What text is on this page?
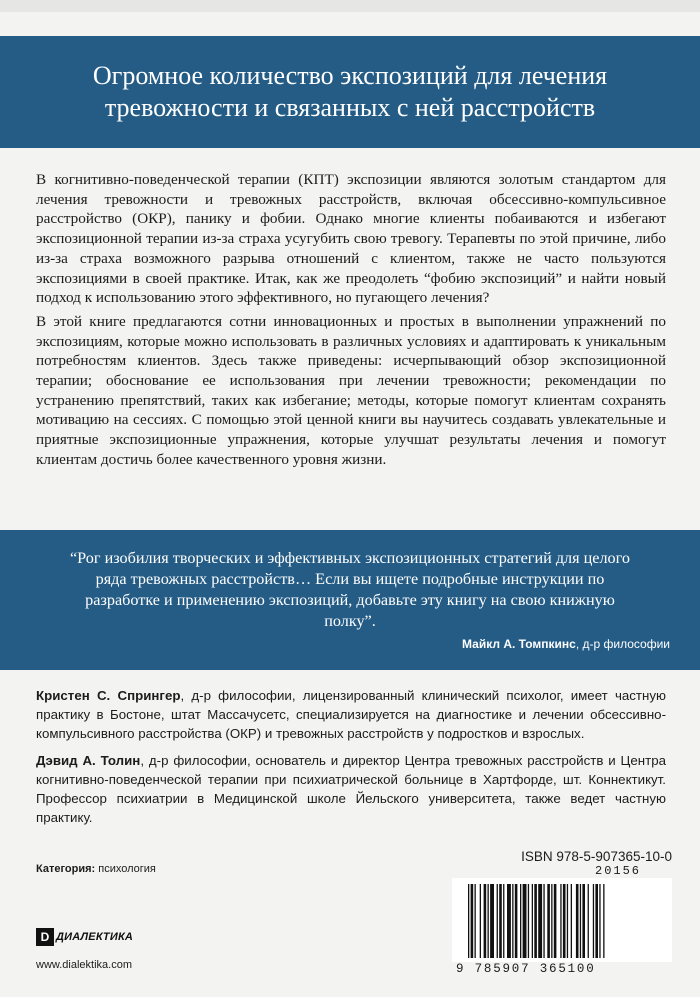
Огромное количество экспозиций для лечения
тревожности и связанных с ней расстройств

В когнитивно-поведенческой терапии (КПТ) экспозиции являются золотым стандартом для лечения тревожности и тревожных расстройств, включая обсессивно-компульсивное расстройство (ОКР), панику и фобии. Однако многие клиенты побаиваются и избегают экспозиционной терапии из-за страха усугубить свою тревогу. Терапевты по этой причине, либо из-за страха возможного разрыва отношений с клиентом, также не часто пользуются экспозициями в своей практике. Итак, как же преодолеть “фобию экспозиций” и найти новый подход к использованию этого эффективного, но пугающего лечения?

В этой книге предлагаются сотни инновационных и простых в выполнении упражнений по экспозициям, которые можно использовать в различных условиях и адаптировать к уникальным потребностям клиентов. Здесь также приведены: исчерпывающий обзор экспозиционной терапии; обоснование ее использования при лечении тревожности; рекомендации по устранению препятствий, таких как избегание; методы, которые помогут клиентам сохранять мотивацию на сессиях. С помощью этой ценной книги вы научитесь создавать увлекательные и приятные экспозиционные упражнения, которые улучшат результаты лечения и помогут клиентам достичь более качественного уровня жизни.

“Рог изобилия творческих и эффективных экспозиционных стратегий для целого ряда тревожных расстройств… Если вы ищете подробные инструкции по разработке и применению экспозиций, добавьте эту книгу на свою книжную полку”.
Майкл А. Томпкинс, д-р философии

Кристен С. Спрингер, д-р философии, лицензированный клинический психолог, имеет частную практику в Бостоне, штат Массачусетс, специализируется на диагностике и лечении обсессивно-компульсивного расстройства (ОКР) и тревожных расстройств у подростков и взрослых.

Дэвид А. Толин, д-р философии, основатель и директор Центра тревожных расстройств и Центра когнитивно-поведенческой терапии при психиатрической больнице в Хартфорде, шт. Коннектикут. Профессор психиатрии в Медицинской школе Йельского университета, также ведет частную практику.

Категория: психология
D ДИАЛЕКТИКА
www.dialektika.com
ISBN 978-5-907365-10-0
20156
9 785907 365100
